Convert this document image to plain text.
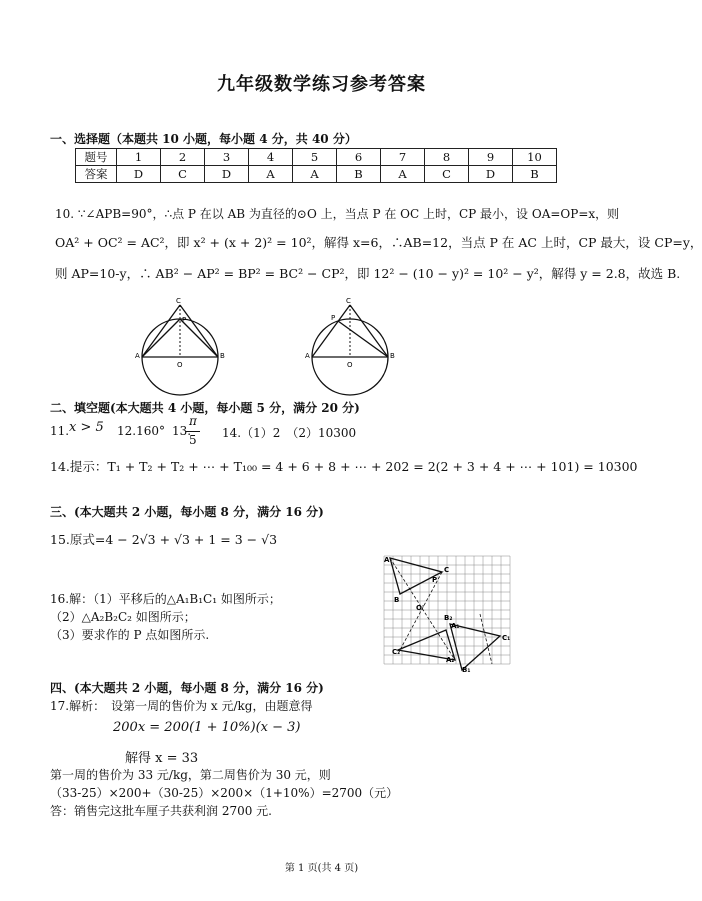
九年级数学练习参考答案
一、选择题（本题共 10 小题，每小题 4 分，共 40 分）
题号	1	2	3	4	5	6	7	8	9	10
答案	D	C	D	A	A	B	A	C	D	B
10. ∵∠APB=90°，∴点 P 在以 AB 为直径的⊙O 上，当点 P 在 OC 上时，CP 最小，设 OA=OP=x，则
OA² + OC² = AC²，即 x² + (x + 2)² = 10²，解得 x=6，∴AB=12，当点 P 在 AC 上时，CP 最大，设 CP=y，
则 AP=10-y，∴ AB² − AP² = BP² = BC² − CP²，即 12² − (10 − y)² = 10² − y²，解得 y = 2.8，故选 B.
C
P
A
O
B
C
P
A
O
B
二、填空题(本大题共 4 小题，每小题 5 分，满分 20 分)
11. x > 5 12.160° 13.
π
5 14.（1）2　（2）10300
14.提示：T₁ + T₂ + T₂ + ⋯ + T₁₀₀ = 4 + 6 + 8 + ⋯ + 202 = 2(2 + 3 + 4 + ⋯ + 101) = 10300
三、(本大题共 2 小题，每小题 8 分，满分 16 分)
15.原式=4 − 2√3 + √3 + 1 = 3 − √3
16.解：（1）平移后的△A₁B₁C₁ 如图所示；
（2）△A₂B₂C₂ 如图所示；
（3）要求作的 P 点如图所示.
A
C
P
B
O'
B₂
A₁
C₁
C₂
A₂
B₁
四、(本大题共 2 小题，每小题 8 分，满分 16 分)
17.解析：　设第一周的售价为 x 元/kg，由题意得
200x = 200(1 + 10%)(x − 3)
解得 x = 33
第一周的售价为 33 元/kg，第二周售价为 30 元，则
（33-25）×200+（30-25）×200×（1+10%）=2700（元）
答：销售完这批车厘子共获利润 2700 元.
第 1 页(共 4 页)
